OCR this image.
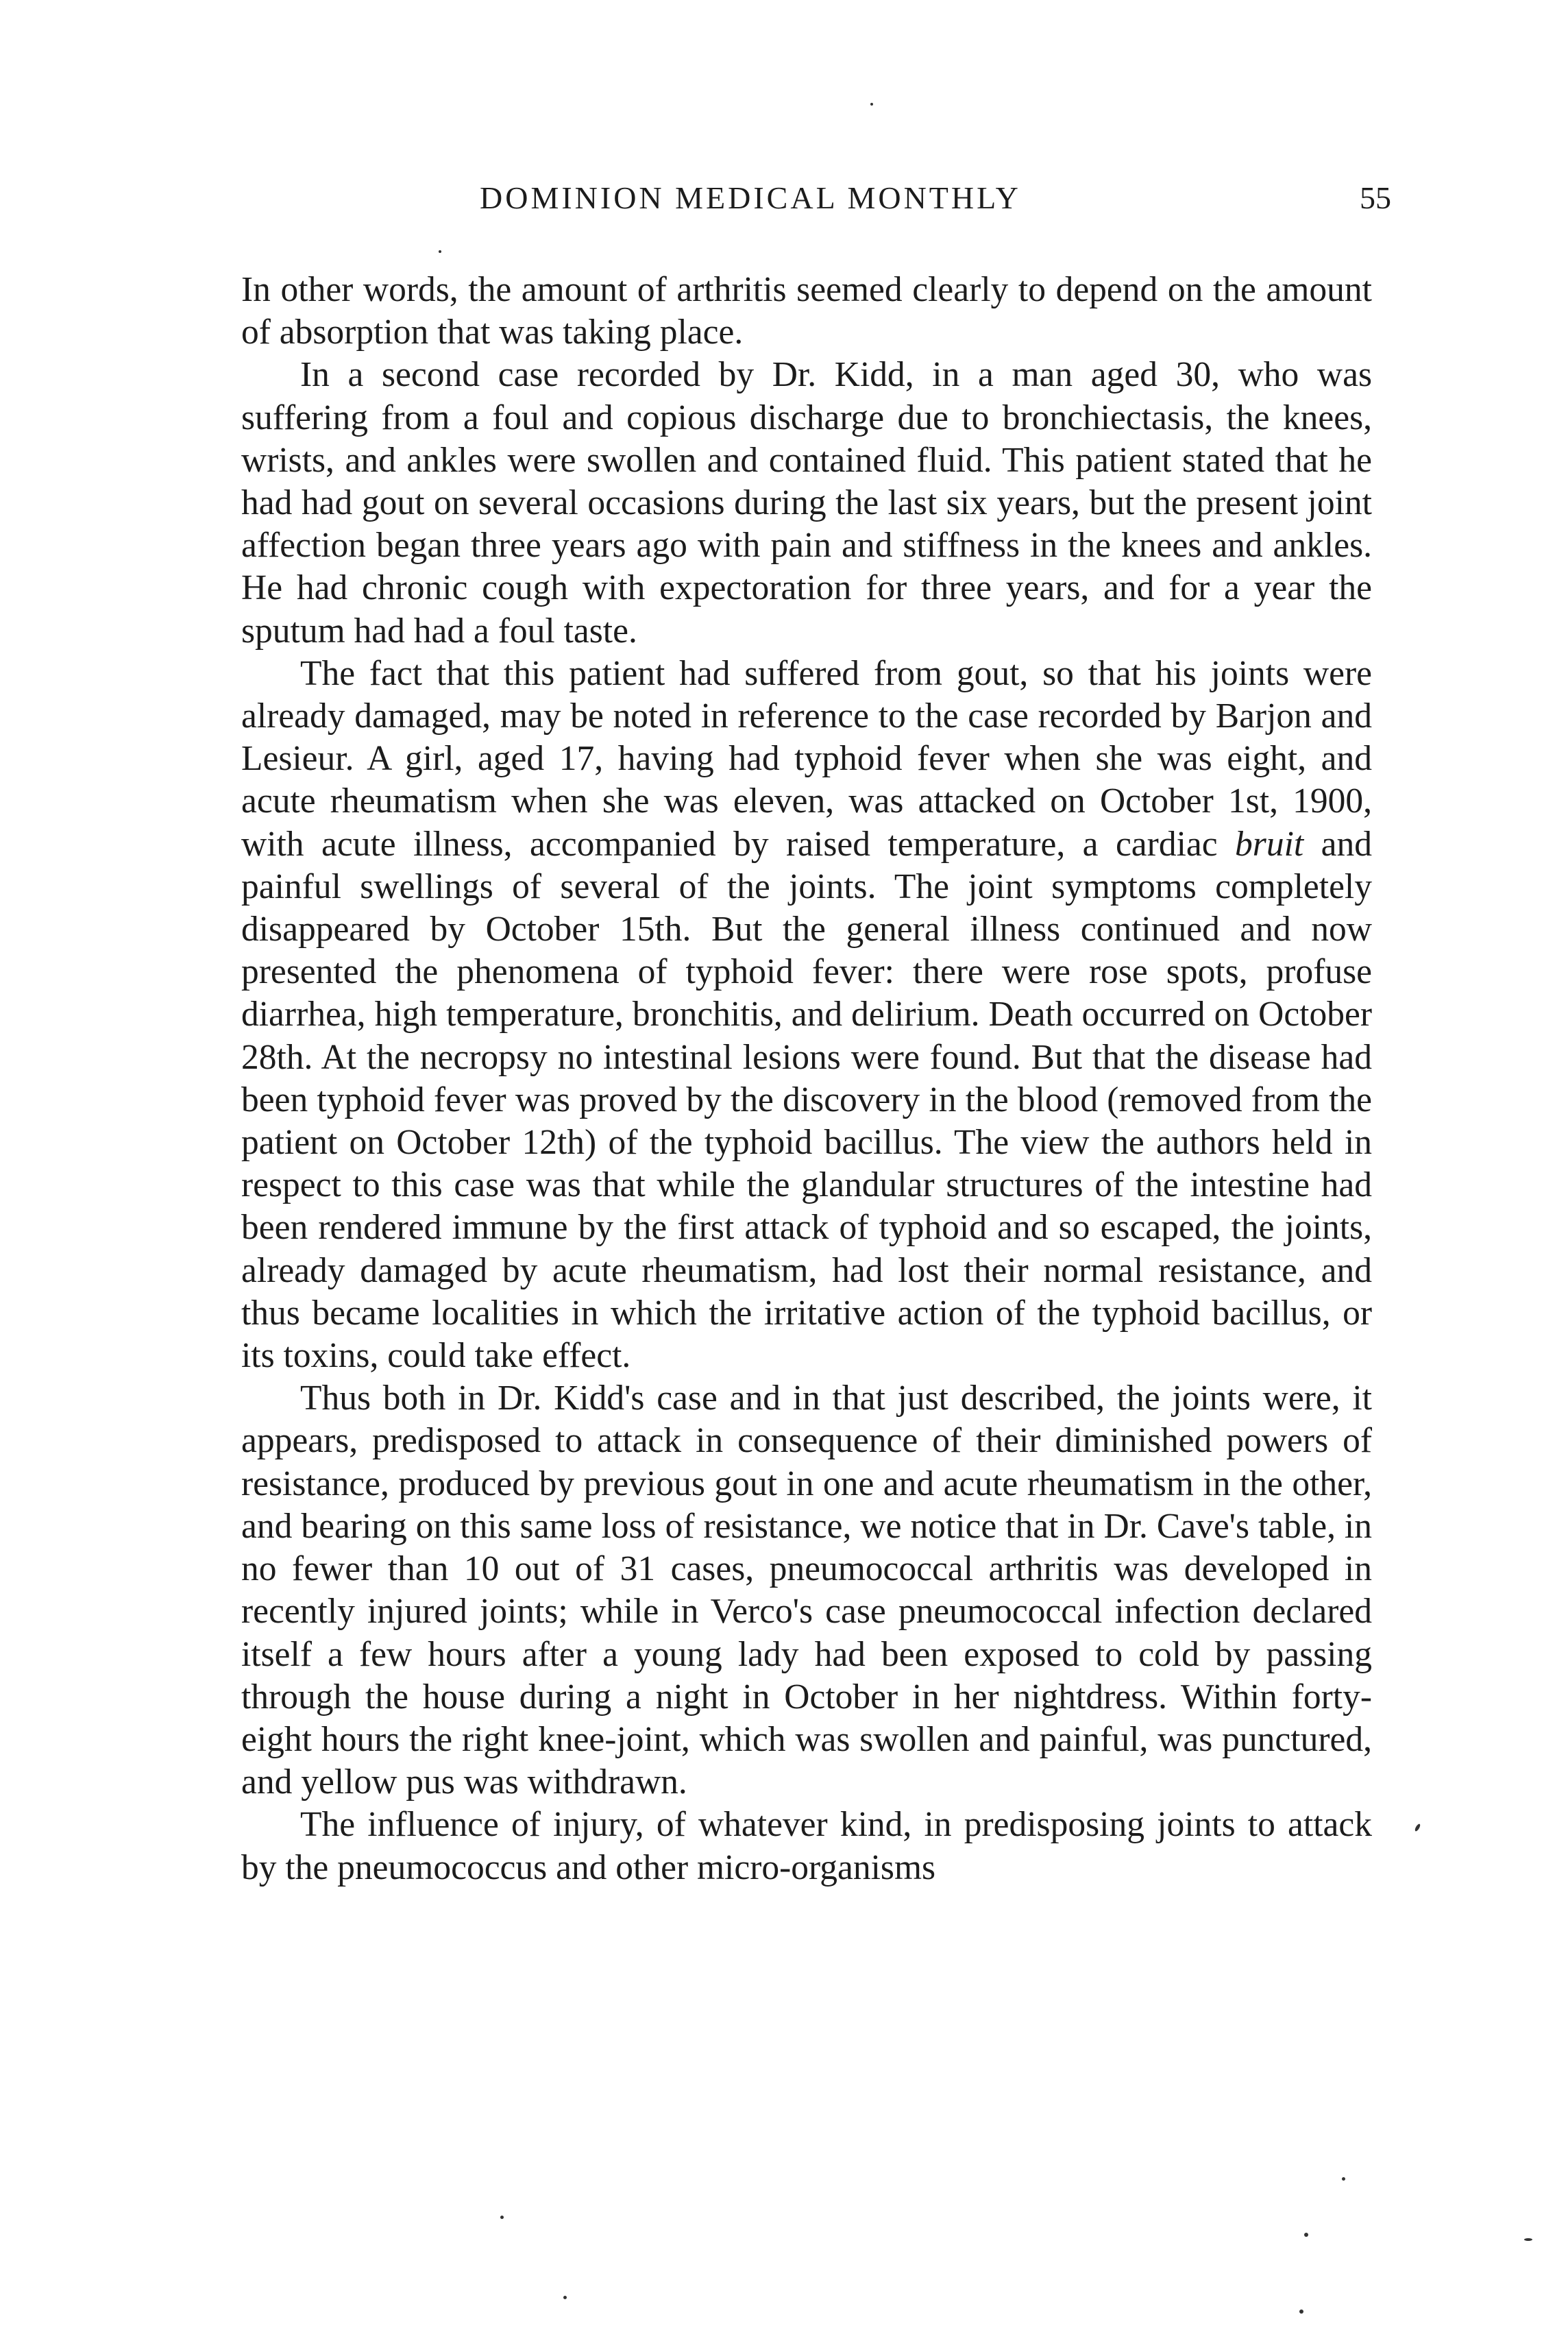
DOMINION MEDICAL MONTHLY	55

In other words, the amount of arthritis seemed clearly to depend on the amount of absorption that was taking place.

In a second case recorded by Dr. Kidd, in a man aged 30, who was suffering from a foul and copious discharge due to bronchiectasis, the knees, wrists, and ankles were swollen and contained fluid. This patient stated that he had had gout on several occasions during the last six years, but the present joint affection began three years ago with pain and stiffness in the knees and ankles. He had chronic cough with expectoration for three years, and for a year the sputum had had a foul taste.

The fact that this patient had suffered from gout, so that his joints were already damaged, may be noted in reference to the case recorded by Barjon and Lesieur. A girl, aged 17, having had typhoid fever when she was eight, and acute rheumatism when she was eleven, was attacked on October 1st, 1900, with acute illness, accompanied by raised temperature, a cardiac bruit and painful swellings of several of the joints. The joint symptoms completely disappeared by October 15th. But the general illness continued and now presented the phenomena of typhoid fever: there were rose spots, profuse diarrhea, high temperature, bronchitis, and delirium. Death occurred on October 28th. At the necropsy no intestinal lesions were found. But that the disease had been typhoid fever was proved by the discovery in the blood (removed from the patient on October 12th) of the typhoid bacillus. The view the authors held in respect to this case was that while the glandular structures of the intestine had been rendered immune by the first attack of typhoid and so escaped, the joints, already damaged by acute rheumatism, had lost their normal resistance, and thus became localities in which the irritative action of the typhoid bacillus, or its toxins, could take effect.

Thus both in Dr. Kidd's case and in that just described, the joints were, it appears, predisposed to attack in consequence of their diminished powers of resistance, produced by previous gout in one and acute rheumatism in the other, and bearing on this same loss of resistance, we notice that in Dr. Cave's table, in no fewer than 10 out of 31 cases, pneumococcal arthritis was developed in recently injured joints; while in Verco's case pneumococcal infection declared itself a few hours after a young lady had been exposed to cold by passing through the house during a night in October in her nightdress. Within forty-eight hours the right knee-joint, which was swollen and painful, was punctured, and yellow pus was withdrawn.

The influence of injury, of whatever kind, in predisposing joints to attack by the pneumococcus and other micro-organisms
